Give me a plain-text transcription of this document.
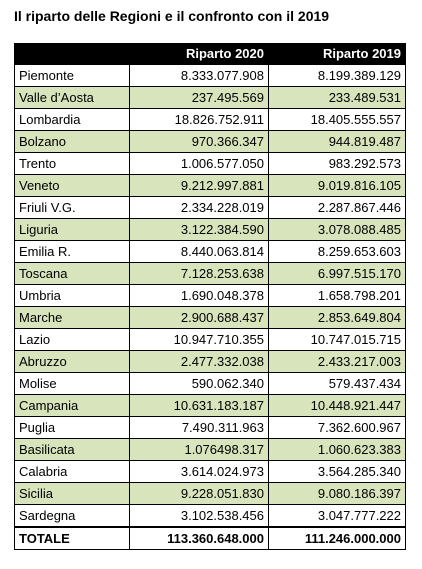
Il riparto delle Regioni e il confronto con il 2019
	Riparto 2020	Riparto 2019
Piemonte	8.333.077.908	8.199.389.129
Valle d’Aosta	237.495.569	233.489.531
Lombardia	18.826.752.911	18.405.555.557
Bolzano	970.366.347	944.819.487
Trento	1.006.577.050	983.292.573
Veneto	9.212.997.881	9.019.816.105
Friuli V.G.	2.334.228.019	2.287.867.446
Liguria	3.122.384.590	3.078.088.485
Emilia R.	8.440.063.814	8.259.653.603
Toscana	7.128.253.638	6.997.515.170
Umbria	1.690.048.378	1.658.798.201
Marche	2.900.688.437	2.853.649.804
Lazio	10.947.710.355	10.747.015.715
Abruzzo	2.477.332.038	2.433.217.003
Molise	590.062.340	579.437.434
Campania	10.631.183.187	10.448.921.447
Puglia	7.490.311.963	7.362.600.967
Basilicata	1.076498.317	1.060.623.383
Calabria	3.614.024.973	3.564.285.340
Sicilia	9.228.051.830	9.080.186.397
Sardegna	3.102.538.456	3.047.777.222
TOTALE	113.360.648.000	111.246.000.000
